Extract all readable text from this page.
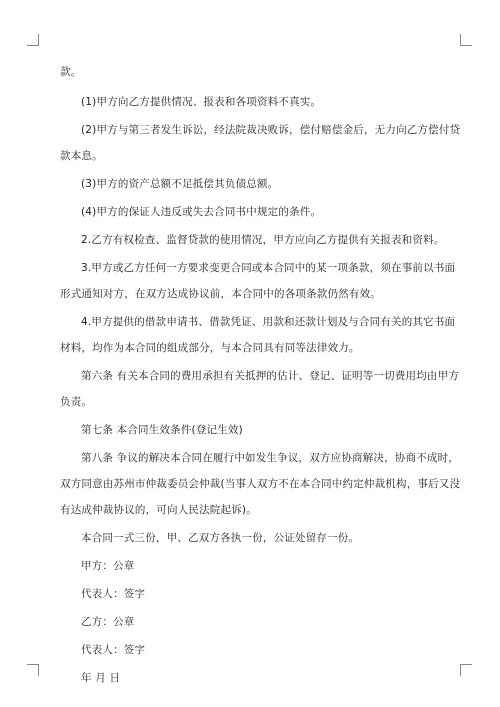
款。
(1)甲方向乙方提供情况、报表和各项资料不真实。
(2)甲方与第三者发生诉讼，经法院裁决败诉，偿付赔偿金后，无力向乙方偿付贷
款本息。
(3)甲方的资产总额不足抵偿其负债总额。
(4)甲方的保证人违反或失去合同书中规定的条件。
2.乙方有权检查、监督贷款的使用情况，甲方应向乙方提供有关报表和资料。
3.甲方或乙方任何一方要求变更合同或本合同中的某一项条款，须在事前以书面
形式通知对方，在双方达成协议前，本合同中的各项条款仍然有效。
4.甲方提供的借款申请书、借款凭证、用款和还款计划及与合同有关的其它书面
材料，均作为本合同的组成部分，与本合同具有同等法律效力。
第六条 有关本合同的费用承担有关抵押的估计、登记、证明等一切费用均由甲方
负责。
第七条 本合同生效条件(登记生效)
第八条 争议的解决本合同在履行中如发生争议，双方应协商解决，协商不成时，
双方同意由苏州市仲裁委员会仲裁(当事人双方不在本合同中约定仲裁机构，事后又没
有达成仲裁协议的，可向人民法院起诉)。
本合同一式三份，甲、乙双方各执一份，公证处留存一份。
甲方：公章
代表人：签字
乙方：公章
代表人：签字
年 月 日
